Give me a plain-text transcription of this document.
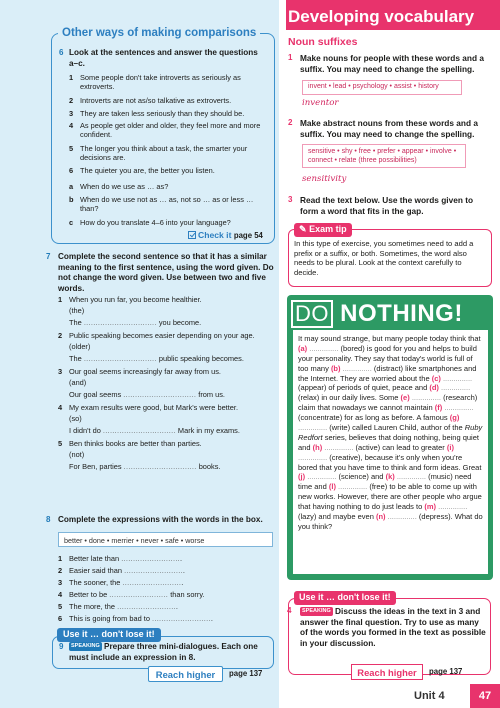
Other ways of making comparisons
6 Look at the sentences and answer the questions a–c.
1 Some people don't take introverts as seriously as extroverts.
2 Introverts are not as/so talkative as extroverts.
3 They are taken less seriously than they should be.
4 As people get older and older, they feel more and more confident.
5 The longer you think about a task, the smarter your decisions are.
6 The quieter you are, the better you listen.
a When do we use as … as?
b When do we use not as … as, not so … as or less … than?
c How do you translate 4–6 into your language?
Check it page 54
7 Complete the second sentence so that it has a similar meaning to the first sentence, using the word given. Do not change the word given. Use between two and five words.
1 When you run far, you become healthier.
(the)
The ............................... you become.
2 Public speaking becomes easier depending on your age.
(older)
The ............................... public speaking becomes.
3 Our goal seems increasingly far away from us.
(and)
Our goal seems ............................... from us.
4 My exam results were good, but Mark's were better.
(so)
I didn't do ............................... Mark in my exams.
5 Ben thinks books are better than parties.
(not)
For Ben, parties ............................... books.
8 Complete the expressions with the words in the box.
better • done • merrier • never • safe • worse
1 Better late than ..........................
2 Easier said than ..........................
3 The sooner, the ..........................
4 Better to be ......................... than sorry.
5 The more, the ..........................
6 This is going from bad to ..........................
Use it … don't lose it!
9	SPEAKING Prepare three mini-dialogues. Each one must include an expression in 8.
Reach higher	page 137
Developing vocabulary
Noun suffixes
1 Make nouns for people with these words and a suffix. You may need to change the spelling.
invent • lead • psychology • assist • history
inventor
2 Make abstract nouns from these words and a suffix. You may need to change the spelling.
sensitive • shy • free • prefer • appear • involve • connect • relate (three possibilities)
sensitivity
3 Read the text below. Use the words given to form a word that fits in the gap.
✎ Exam tip
In this type of exercise, you sometimes need to add a prefix or a suffix, or both. Sometimes, the word also needs to be plural. Look at the context carefully to decide.
DO NOTHING!
It may sound strange, but many people today think that (a) .............. (bored) is good for you and helps to build your personality. They say that today's world is full of too many (b) .............. (distract) like smartphones and the Internet. They are worried about the (c) .............. (appear) of periods of quiet, peace and (d) .............. (relax) in our daily lives. Some (e) .............. (research) claim that nowadays we cannot maintain (f) .............. (concentrate) for as long as before. A famous (g) .............. (write) called Lauren Child, author of the Ruby Redfort series, believes that doing nothing, being quiet and (h) .............. (active) can lead to greater (i) .............. (creative), because it's only when you're bored that you have time to think and form ideas. Great (j) .............. (science) and (k) .............. (music) need time and (l) .............. (free) to be able to come up with new works. However, there are other people who argue that having nothing to do just leads to (m) .............. (lazy) and maybe even (n) .............. (depress). What do you think?
Use it … don't lose it!
4	SPEAKING Discuss the ideas in the text in 3 and answer the final question. Try to use as many of the words you formed in the text as possible in your discussion.
Reach higher	page 137
Unit 4	47
